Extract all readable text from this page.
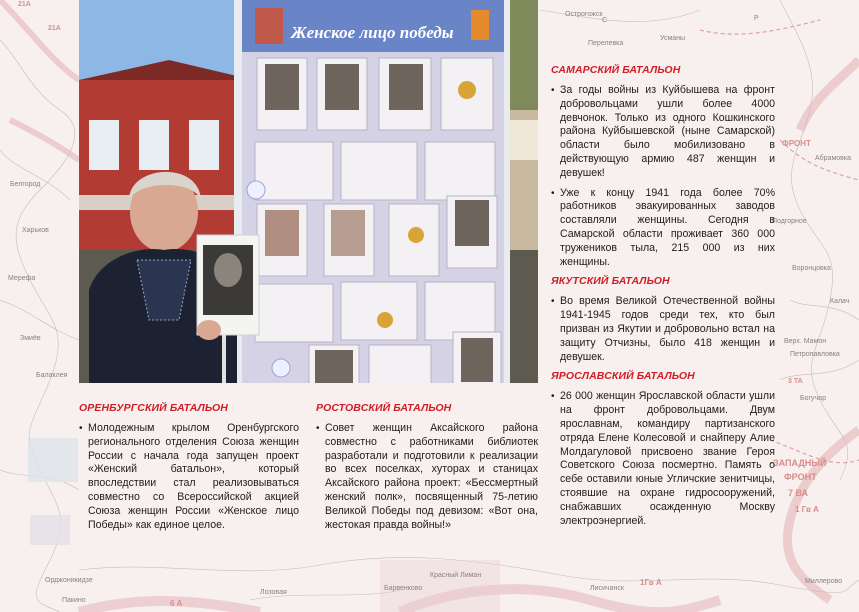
ФРОНТ
-ЗАПАДНЫЙ
ФРОНТ
7 ВА
1 Гв А
1Гв А
6 А
3 ТА
21А
21А
Перелевка
Усманы
Абрамовка
Калач
Петропавловка
Богучар
Воронцовка
Миллерово
Лисичанск
Красный Лиман
Лозовая
Барвенково
Белгород
Харьков
Мерефа
Змиёв
Балаклея
Орджоникидзе
Пакино
Верх. Мамон
Подгорное
Острогожск
С	Р
Женское лицо победы
ОРЕНБУРГСКИЙ БАТАЛЬОН
• Молодежным крылом Оренбургского регионального отделения Союза женщин России с начала года запущен проект «Женский батальон», который впоследствии стал реализовываться совместно со Всероссийской акцией Союза женщин России «Женское лицо Победы» как единое целое.
РОСТОВСКИЙ БАТАЛЬОН
• Совет женщин Аксайского района совместно с работниками библиотек разработали и подготовили к реализации во всех поселках, хуторах и станицах Аксайского района проект: «Бессмертный женский полк», посвященный 75-летию Великой Победы под девизом: «Вот она, жестокая правда войны!»
САМАРСКИЙ БАТАЛЬОН
• За годы войны из Куйбышева на фронт добровольцами ушли более 4000 девчонок. Только из одного Кошкинского района Куйбышевской (ныне Самарской) области было мобилизовано в действующую армию 487 женщин и девушек!
• Уже к концу 1941 года более 70% работников эвакуированных заводов составляли женщины. Сегодня в Самарской области проживает 360 000 тружеников тыла, 215 000 из них женщины.
ЯКУТСКИЙ БАТАЛЬОН
• Во время Великой Отечественной войны 1941-1945 годов среди тех, кто был призван из Якутии и добровольно встал на защиту Отчизны, было 418 женщин и девушек.
ЯРОСЛАВСКИЙ БАТАЛЬОН
• 26 000 женщин Ярославской области ушли на фронт добровольцами. Двум ярославнам, командиру партизанского отряда Елене Колесовой и снайперу Алие Молдагуловой присвоено звание Героя Советского Союза посмертно. Память о себе оставили юные Угличские зенитчицы, стоявшие на охране гидросооружений, снабжавших осажденную Москву электроэнергией.
